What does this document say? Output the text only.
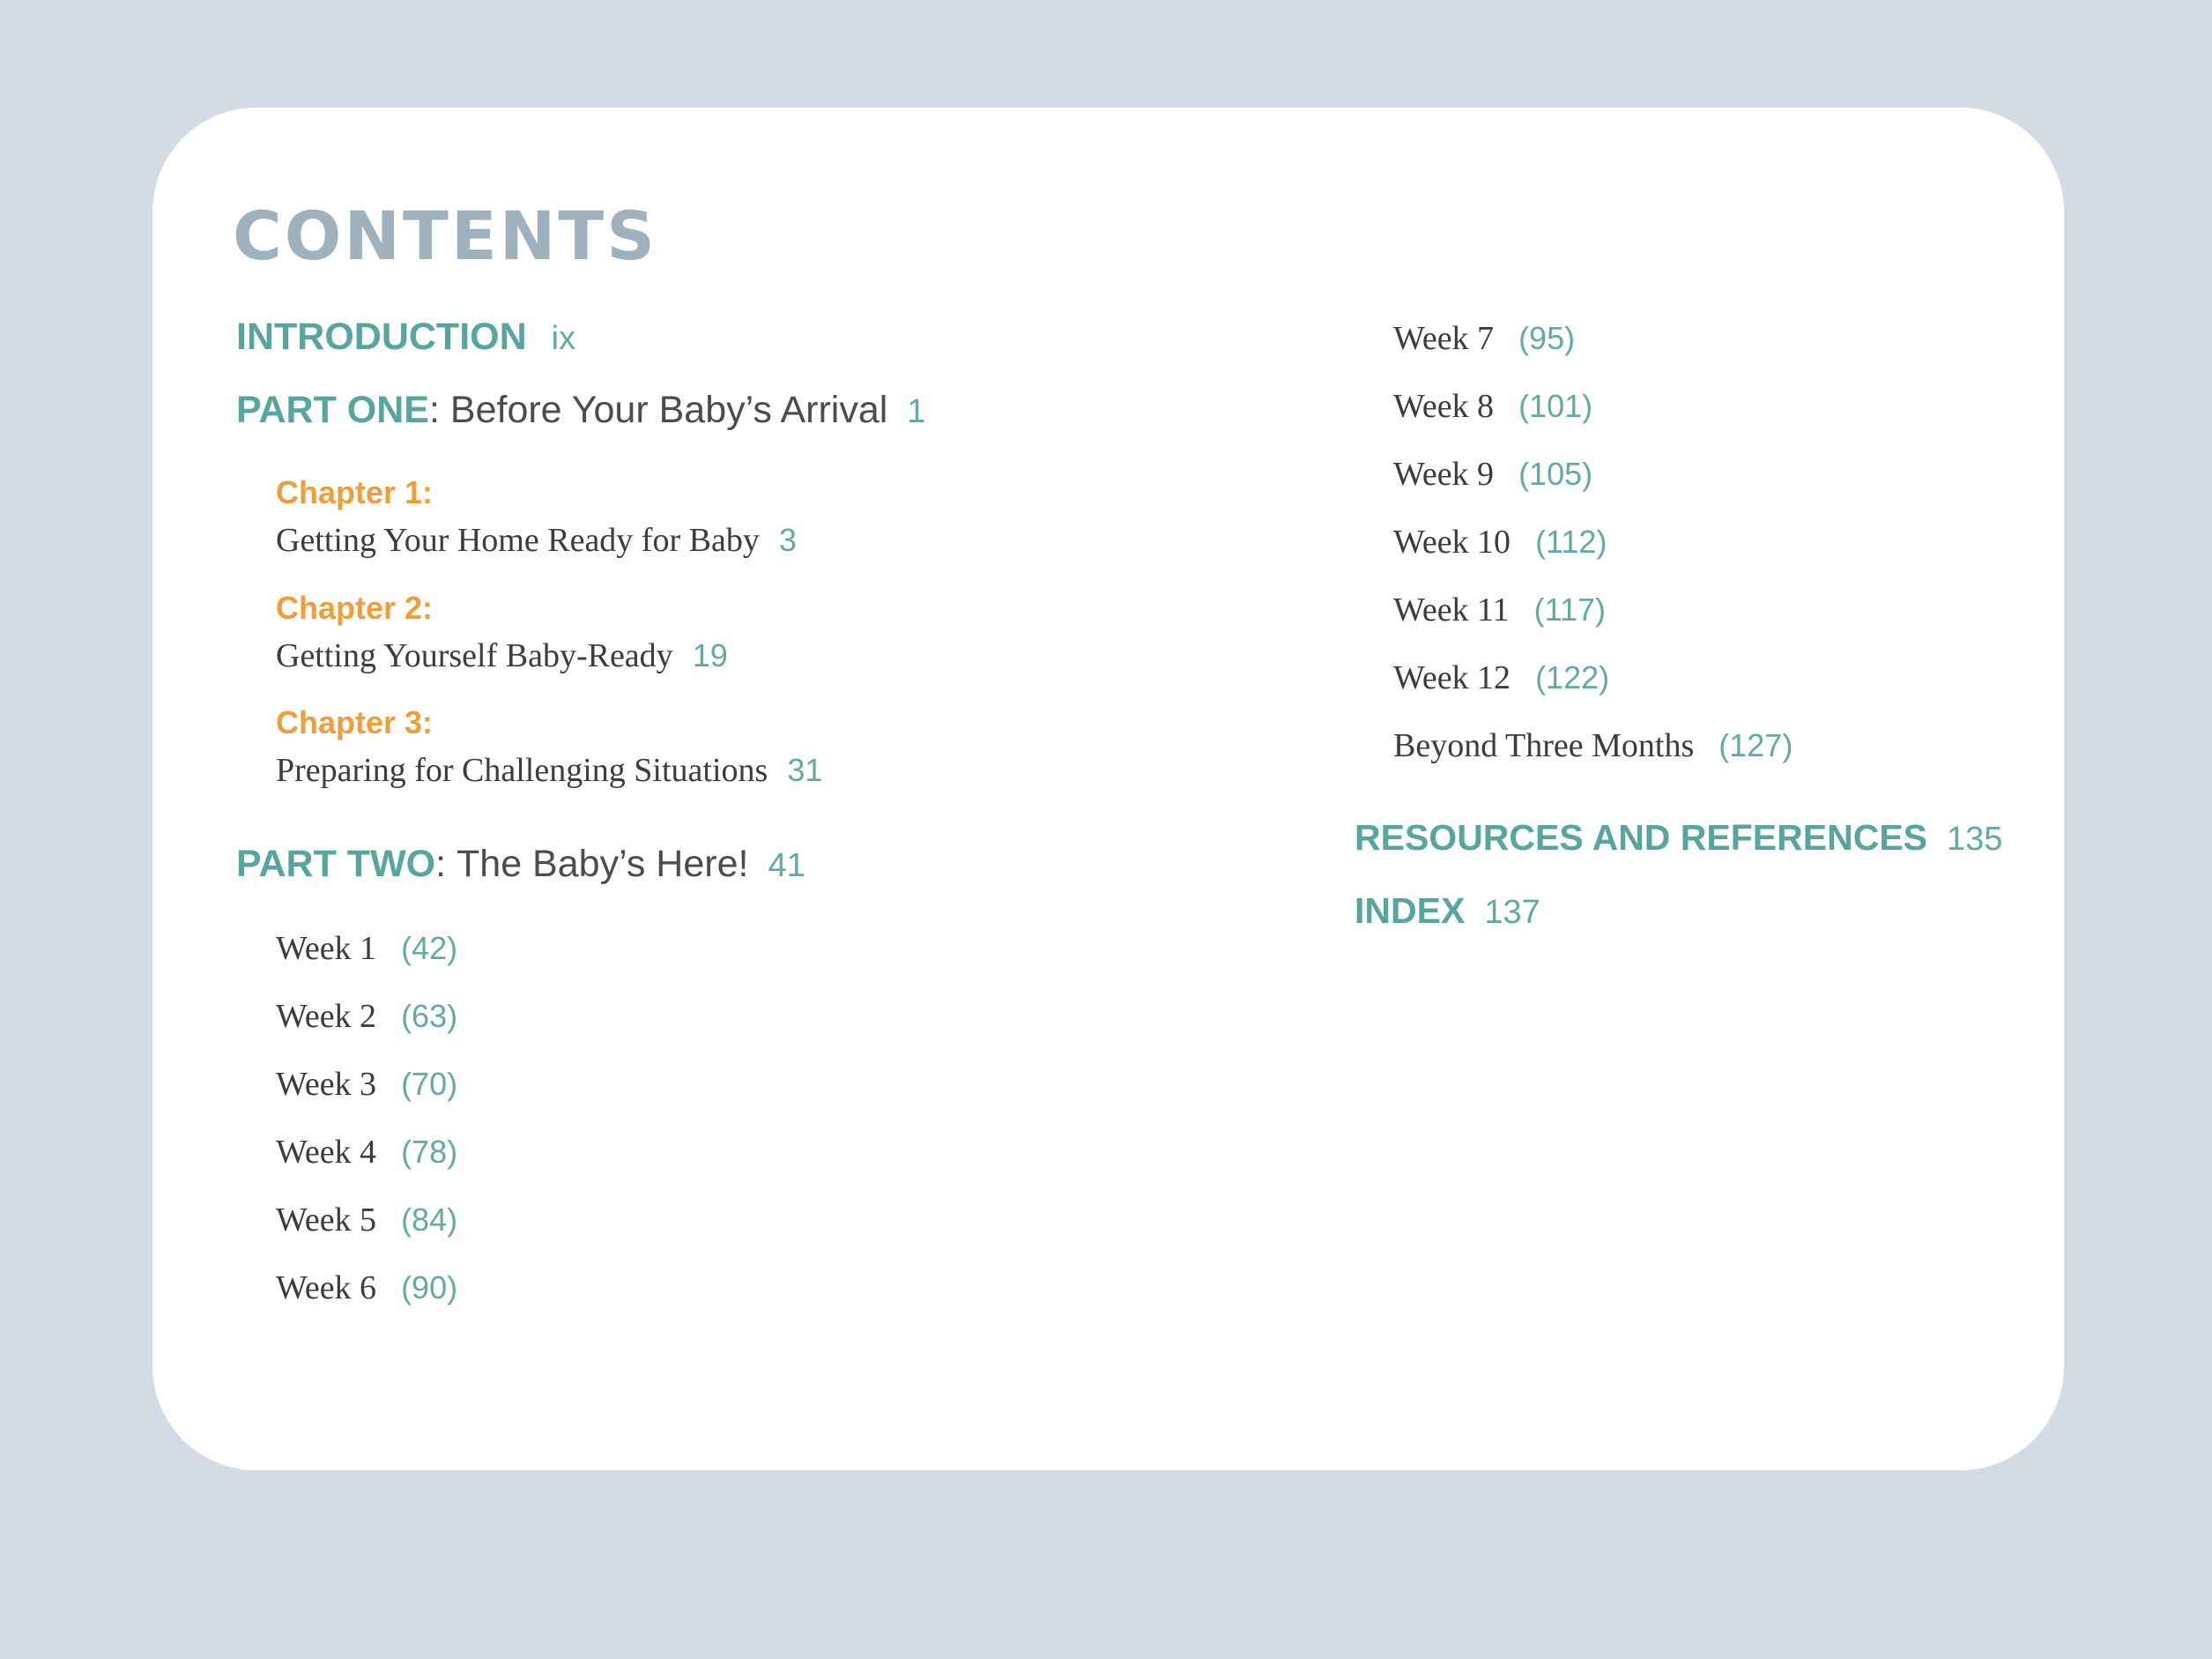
CONTENTS
INTRODUCTION ix
PART ONE: Before Your Baby’s Arrival 1
Chapter 1:
Getting Your Home Ready for Baby 3
Chapter 2:
Getting Yourself Baby-Ready 19
Chapter 3:
Preparing for Challenging Situations 31
PART TWO: The Baby’s Here! 41
Week 1 (42)
Week 2 (63)
Week 3 (70)
Week 4 (78)
Week 5 (84)
Week 6 (90)
Week 7 (95)
Week 8 (101)
Week 9 (105)
Week 10 (112)
Week 11 (117)
Week 12 (122)
Beyond Three Months (127)
RESOURCES AND REFERENCES 135
INDEX 137
